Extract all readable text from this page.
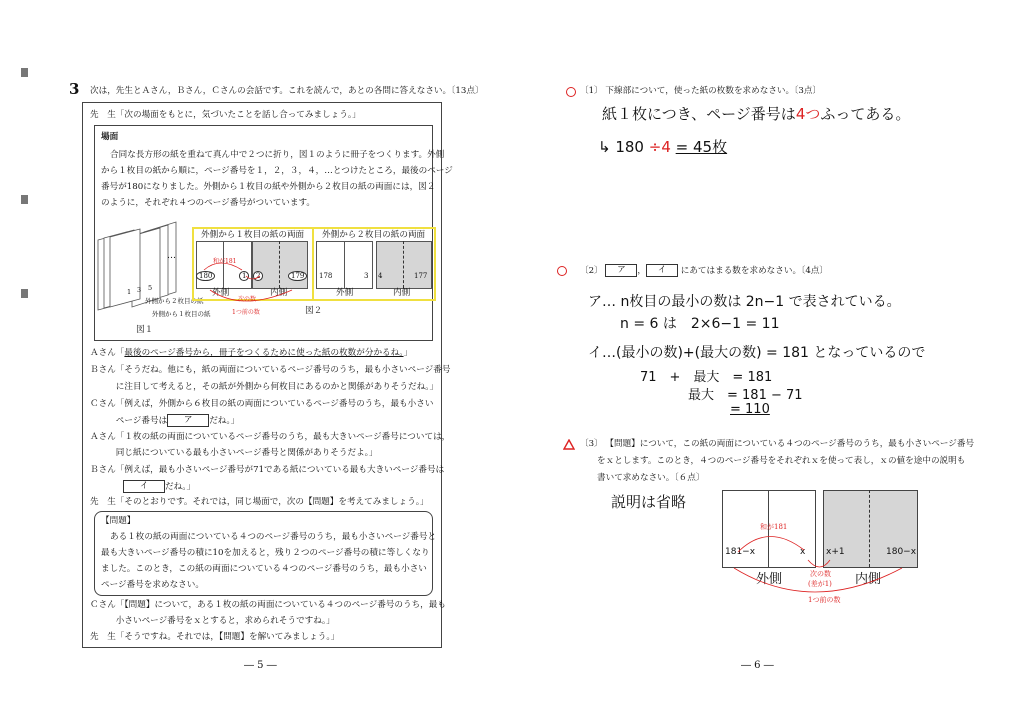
3 次は，先生とＡさん，Ｂさん，Ｃさんの会話です。これを読んで，あとの各問に答えなさい。〔13点〕
先　生「次の場面をもとに，気づいたことを話し合ってみましょう。」
場面
合同な長方形の紙を重ねて真ん中で２つに折り，図１のように冊子をつくります。外側
から１枚目の紙から順に，ページ番号を１，２，３，４，…とつけたところ，最後のページ
番号が180になりました。外側から１枚目の紙や外側から２枚目の紙の両面には，図２
のように，それぞれ４つのページ番号がついています。
…
1 3 5
外側から２枚目の紙
外側から１枚目の紙
図１
外側から１枚目の紙の両面
180	1	2	179
外側	内側
和が181
次の数
1つ前の数
外側から２枚目の紙の両面
178	3 4	177
外側	内側
図２
Ａさん「最後のページ番号から，冊子をつくるために使った紙の枚数が分かるね。」
Ｂさん「そうだね。他にも，紙の両面についているページ番号のうち，最も小さいページ番号
　　　に注目して考えると，その紙が外側から何枚目にあるのかと関係がありそうだね。」
Ｃさん「例えば，外側から６枚目の紙の両面についているページ番号のうち，最も小さい
　　　ページ番号は ア だね。」
Ａさん「１枚の紙の両面についているページ番号のうち，最も大きいページ番号については，
　　　同じ紙についている最も小さいページ番号と関係がありそうだよ。」
Ｂさん「例えば，最も小さいページ番号が71である紙についている最も大きいページ番号は
イ だね。」
先　生「そのとおりです。それでは，同じ場面で，次の【問題】を考えてみましょう。」
【問題】
ある１枚の紙の両面についている４つのページ番号のうち，最も小さいページ番号と
最も大きいページ番号の積に10を加えると，残り２つのページ番号の積に等しくなり
ました。このとき，この紙の両面についている４つのページ番号のうち，最も小さい
ページ番号を求めなさい。
Ｃさん「【問題】について，ある１枚の紙の両面についている４つのページ番号のうち，最も
　　　小さいページ番号をｘとすると，求められそうですね。」
先　生「そうですね。それでは，【問題】を解いてみましょう。」
― 5 ―
〔1〕 下線部について，使った紙の枚数を求めなさい。〔3点〕
紙１枚につき、ページ番号は4つふってある。
↳ 180 ÷4 = 45枚
〔2〕 ア ， イ にあてはまる数を求めなさい。〔4点〕
ア… n枚目の最小の数は 2n−1 で表されている。
n = 6 は　2×6−1 = 11
イ…(最小の数)+(最大の数) = 181 となっているので
71　+　最大　= 181
最大　= 181 − 71
= 110
〔3〕 【問題】について，この紙の両面についている４つのページ番号のうち，最も小さいページ番号
をｘとします。このとき，４つのページ番号をそれぞれｘを使って表し，ｘの値を途中の説明も
書いて求めなさい。〔６点〕
説明は省略
181−x	x x+1	180−x
外側	内側
和が181
次の数
(差が1)
1つ前の数
― 6 ―
